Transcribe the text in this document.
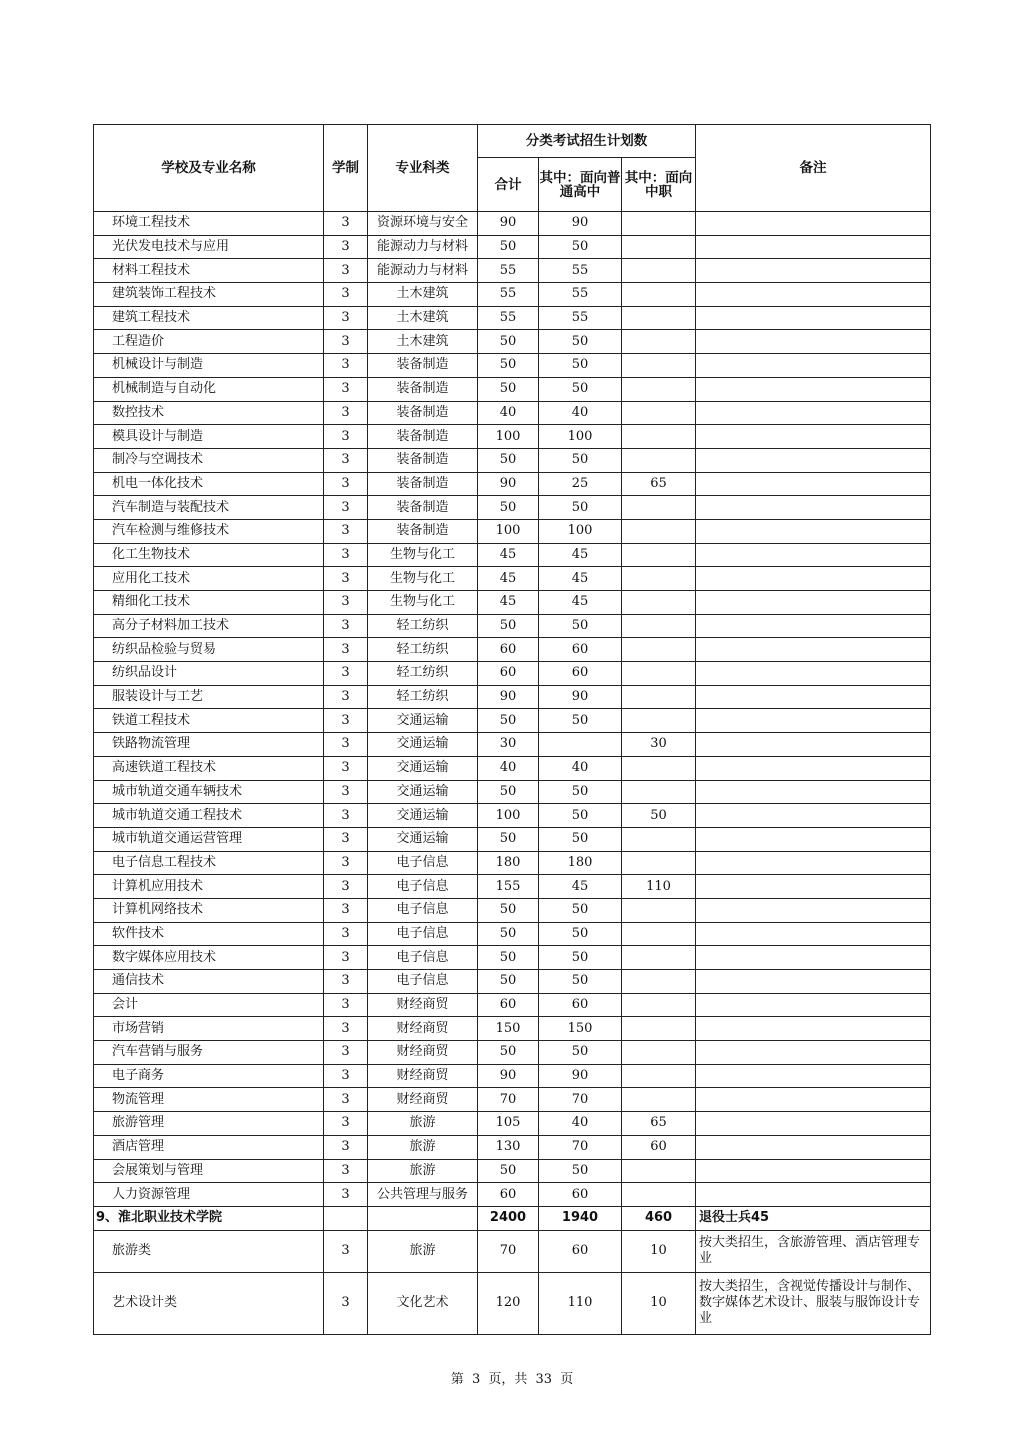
学校及专业名称	学制	专业科类	分类考试招生计划数			备注
			合计	其中：面向普通高中	其中：面向中职	
环境工程技术	3	资源环境与安全	90	90		
光伏发电技术与应用	3	能源动力与材料	50	50		
材料工程技术	3	能源动力与材料	55	55		
建筑装饰工程技术	3	土木建筑	55	55		
建筑工程技术	3	土木建筑	55	55		
工程造价	3	土木建筑	50	50		
机械设计与制造	3	装备制造	50	50		
机械制造与自动化	3	装备制造	50	50		
数控技术	3	装备制造	40	40		
模具设计与制造	3	装备制造	100	100		
制冷与空调技术	3	装备制造	50	50		
机电一体化技术	3	装备制造	90	25	65	
汽车制造与装配技术	3	装备制造	50	50		
汽车检测与维修技术	3	装备制造	100	100		
化工生物技术	3	生物与化工	45	45		
应用化工技术	3	生物与化工	45	45		
精细化工技术	3	生物与化工	45	45		
高分子材料加工技术	3	轻工纺织	50	50		
纺织品检验与贸易	3	轻工纺织	60	60		
纺织品设计	3	轻工纺织	60	60		
服装设计与工艺	3	轻工纺织	90	90		
铁道工程技术	3	交通运输	50	50		
铁路物流管理	3	交通运输	30		30	
高速铁道工程技术	3	交通运输	40	40		
城市轨道交通车辆技术	3	交通运输	50	50		
城市轨道交通工程技术	3	交通运输	100	50	50	
城市轨道交通运营管理	3	交通运输	50	50		
电子信息工程技术	3	电子信息	180	180		
计算机应用技术	3	电子信息	155	45	110	
计算机网络技术	3	电子信息	50	50		
软件技术	3	电子信息	50	50		
数字媒体应用技术	3	电子信息	50	50		
通信技术	3	电子信息	50	50		
会计	3	财经商贸	60	60		
市场营销	3	财经商贸	150	150		
汽车营销与服务	3	财经商贸	50	50		
电子商务	3	财经商贸	90	90		
物流管理	3	财经商贸	70	70		
旅游管理	3	旅游	105	40	65	
酒店管理	3	旅游	130	70	60	
会展策划与管理	3	旅游	50	50		
人力资源管理	3	公共管理与服务	60	60		
9、淮北职业技术学院			2400	1940	460	退役士兵45
旅游类	3	旅游	70	60	10	按大类招生，含旅游管理、酒店管理专业
艺术设计类	3	文化艺术	120	110	10	按大类招生，含视觉传播设计与制作、数字媒体艺术设计、服装与服饰设计专业
第 3 页，共 33 页
